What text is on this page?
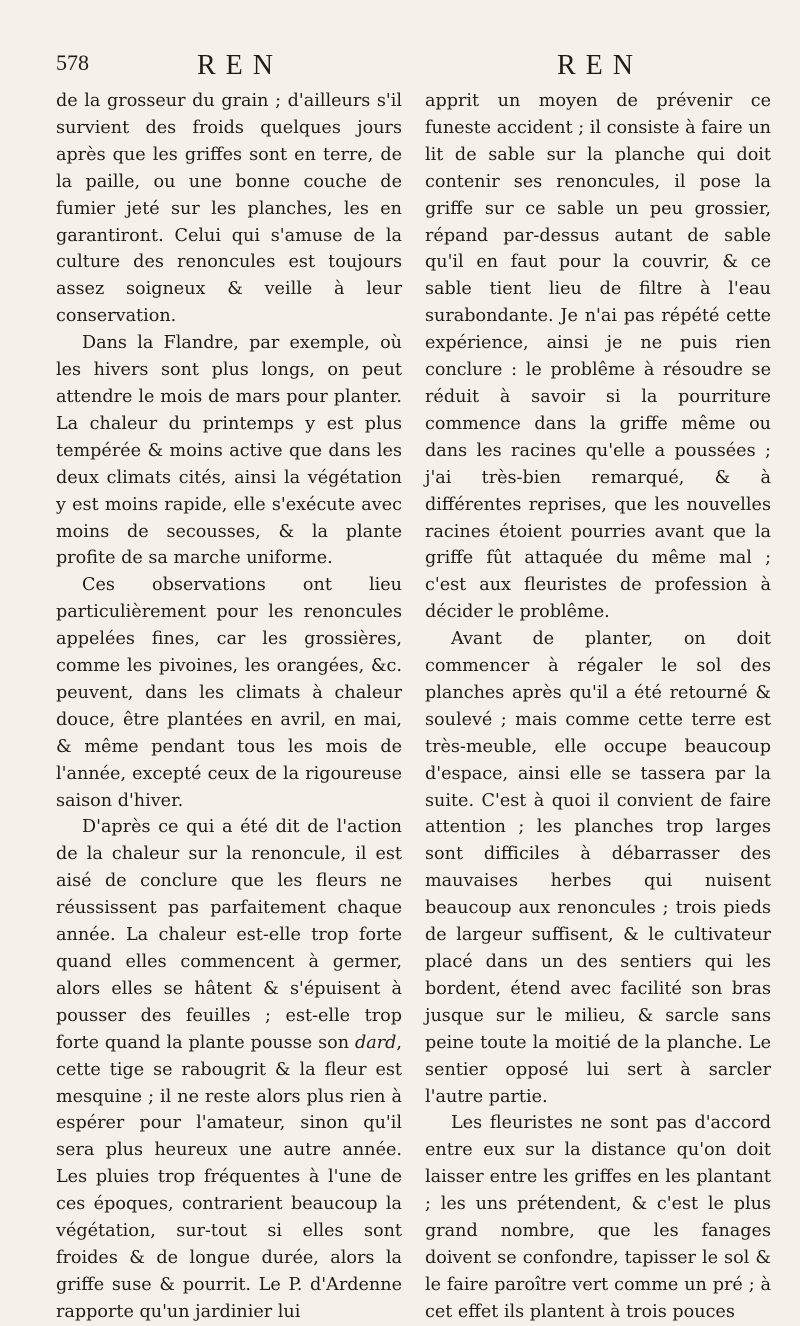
578	REN	REN

de la grosseur du grain ; d'ailleurs s'il survient des froids quelques jours après que les griffes sont en terre, de la paille, ou une bonne couche de fumier jeté sur les planches, les en garantiront. Celui qui s'amuse de la culture des renoncules est toujours assez soigneux & veille à leur conservation.

Dans la Flandre, par exemple, où les hivers sont plus longs, on peut attendre le mois de mars pour planter. La chaleur du printemps y est plus tempérée & moins active que dans les deux climats cités, ainsi la végétation y est moins rapide, elle s'exécute avec moins de secousses, & la plante profite de sa marche uniforme.

Ces observations ont lieu particulièrement pour les renoncules appelées fines, car les grossières, comme les pivoines, les orangées, &c. peuvent, dans les climats à chaleur douce, être plantées en avril, en mai, & même pendant tous les mois de l'année, excepté ceux de la rigoureuse saison d'hiver.

D'après ce qui a été dit de l'action de la chaleur sur la renoncule, il est aisé de conclure que les fleurs ne réussissent pas parfaitement chaque année. La chaleur est-elle trop forte quand elles commencent à germer, alors elles se hâtent & s'épuisent à pousser des feuilles ; est-elle trop forte quand la plante pousse son dard, cette tige se rabougrit & la fleur est mesquine ; il ne reste alors plus rien à espérer pour l'amateur, sinon qu'il sera plus heureux une autre année. Les pluies trop fréquentes à l'une de ces époques, contrarient beaucoup la végétation, sur-tout si elles sont froides & de longue durée, alors la griffe suse & pourrit. Le P. d'Ardenne rapporte qu'un jardinier lui

apprit un moyen de prévenir ce funeste accident ; il consiste à faire un lit de sable sur la planche qui doit contenir ses renoncules, il pose la griffe sur ce sable un peu grossier, répand par-dessus autant de sable qu'il en faut pour la couvrir, & ce sable tient lieu de filtre à l'eau surabondante. Je n'ai pas répété cette expérience, ainsi je ne puis rien conclure : le problême à résoudre se réduit à savoir si la pourriture commence dans la griffe même ou dans les racines qu'elle a poussées ; j'ai très-bien remarqué, & à différentes reprises, que les nouvelles racines étoient pourries avant que la griffe fût attaquée du même mal ; c'est aux fleuristes de profession à décider le problême.

Avant de planter, on doit commencer à régaler le sol des planches après qu'il a été retourné & soulevé ; mais comme cette terre est très-meuble, elle occupe beaucoup d'espace, ainsi elle se tassera par la suite. C'est à quoi il convient de faire attention ; les planches trop larges sont difficiles à débarrasser des mauvaises herbes qui nuisent beaucoup aux renoncules ; trois pieds de largeur suffisent, & le cultivateur placé dans un des sentiers qui les bordent, étend avec facilité son bras jusque sur le milieu, & sarcle sans peine toute la moitié de la planche. Le sentier opposé lui sert à sarcler l'autre partie.

Les fleuristes ne sont pas d'accord entre eux sur la distance qu'on doit laisser entre les griffes en les plantant ; les uns prétendent, & c'est le plus grand nombre, que les fanages doivent se confondre, tapisser le sol & le faire paroître vert comme un pré ; à cet effet ils plantent à trois pouces
